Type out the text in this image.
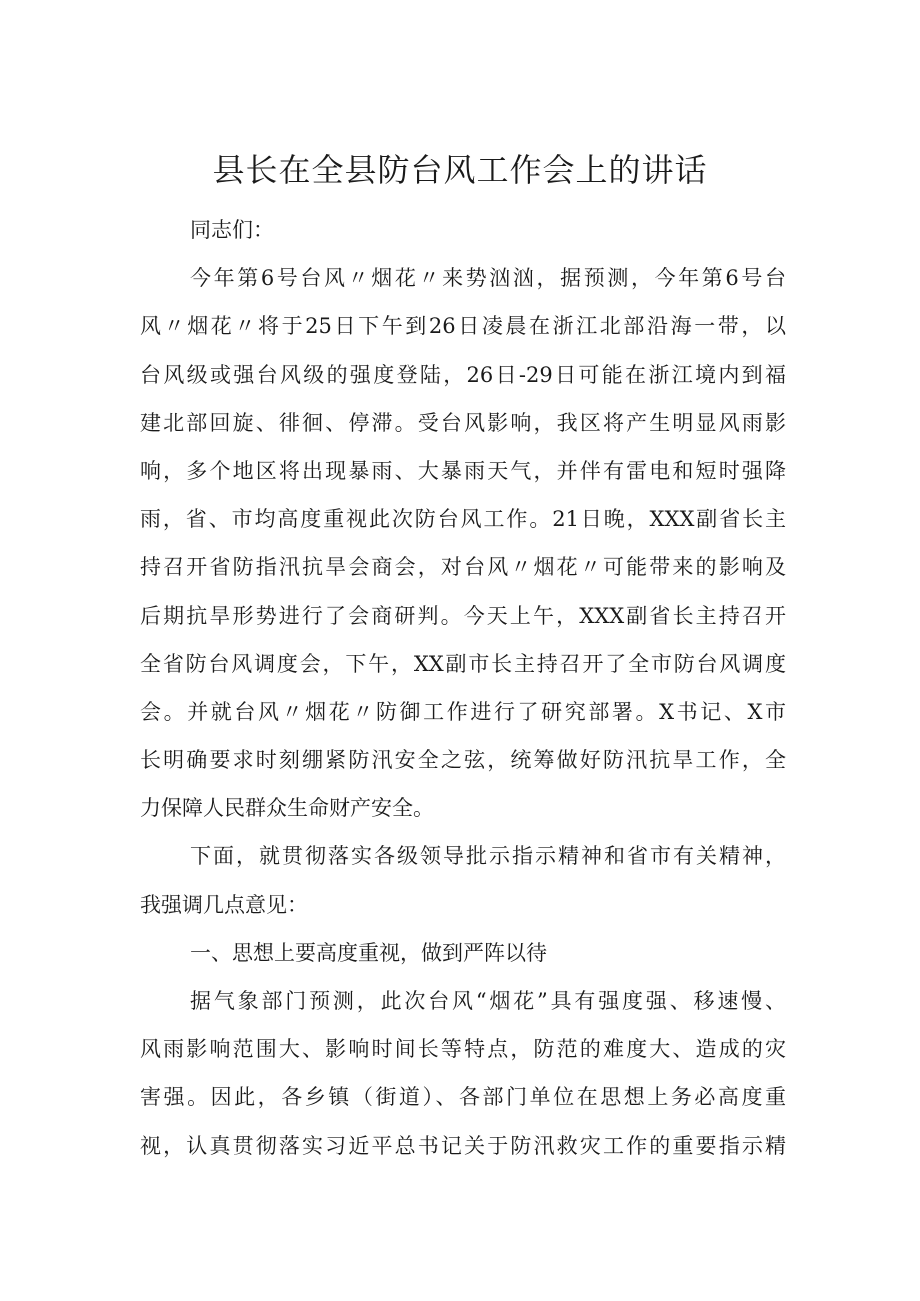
县长在全县防台风工作会上的讲话
同志们：
今年第6号台风〃烟花〃来势汹汹，据预测，今年第6号台
风〃烟花〃将于25日下午到26日凌晨在浙江北部沿海一带，以
台风级或强台风级的强度登陆，26日-29日可能在浙江境内到福
建北部回旋、徘徊、停滞。受台风影响，我区将产生明显风雨影
响，多个地区将出现暴雨、大暴雨天气，并伴有雷电和短时强降
雨，省、市均高度重视此次防台风工作。21日晚，XXX副省长主
持召开省防指汛抗旱会商会，对台风〃烟花〃可能带来的影响及
后期抗旱形势进行了会商研判。今天上午，XXX副省长主持召开
全省防台风调度会，下午，XX副市长主持召开了全市防台风调度
会。并就台风〃烟花〃防御工作进行了研究部署。X书记、X市
长明确要求时刻绷紧防汛安全之弦，统筹做好防汛抗旱工作，全
力保障人民群众生命财产安全。
下面，就贯彻落实各级领导批示指示精神和省市有关精神，
我强调几点意见：
一、思想上要高度重视，做到严阵以待
据气象部门预测，此次台风“烟花”具有强度强、移速慢、
风雨影响范围大、影响时间长等特点，防范的难度大、造成的灾
害强。因此，各乡镇（街道）、各部门单位在思想上务必高度重
视，认真贯彻落实习近平总书记关于防汛救灾工作的重要指示精
